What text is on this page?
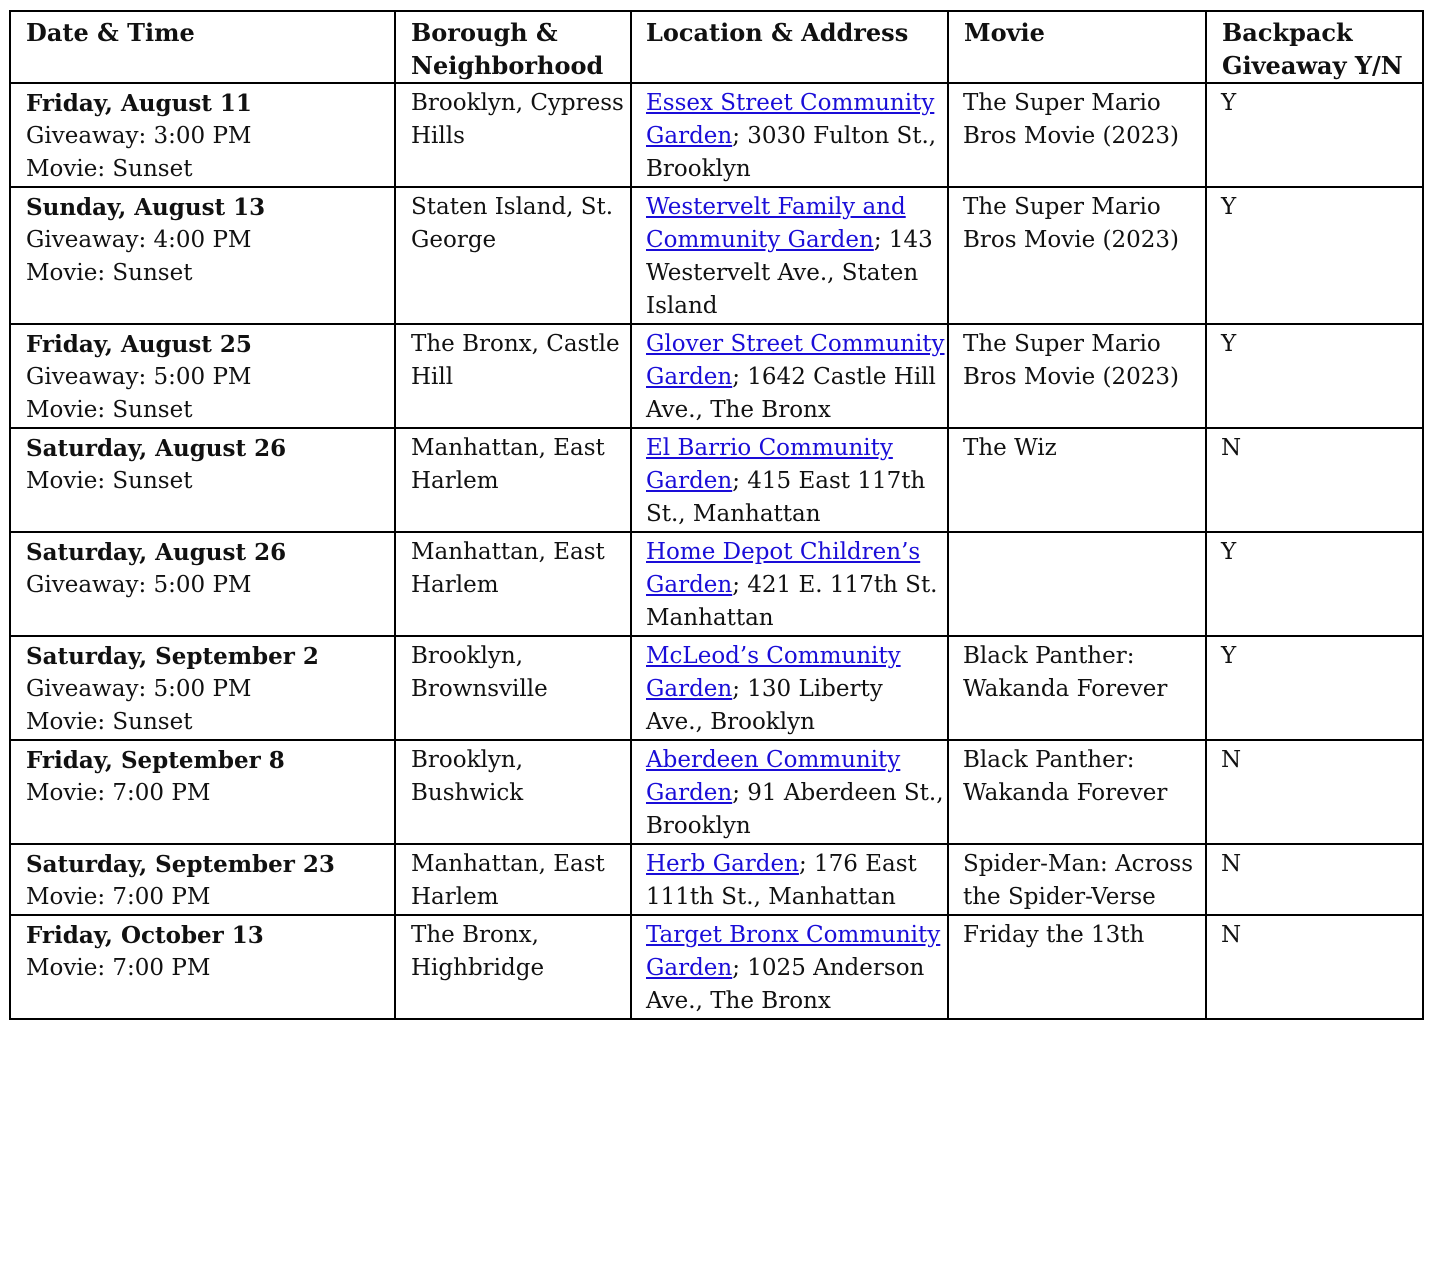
Date & Time	Borough & Neighborhood	Location & Address	Movie	Backpack Giveaway Y/N

Friday, August 11
Giveaway: 3:00 PM
Movie: Sunset	Brooklyn, Cypress Hills	Essex Street Community Garden; 3030 Fulton St., Brooklyn	The Super Mario Bros Movie (2023)	Y

Sunday, August 13
Giveaway: 4:00 PM
Movie: Sunset	Staten Island, St. George	Westervelt Family and Community Garden; 143 Westervelt Ave., Staten Island	The Super Mario Bros Movie (2023)	Y

Friday, August 25
Giveaway: 5:00 PM
Movie: Sunset	The Bronx, Castle Hill	Glover Street Community Garden; 1642 Castle Hill Ave., The Bronx	The Super Mario Bros Movie (2023)	Y

Saturday, August 26
Movie: Sunset	Manhattan, East Harlem	El Barrio Community Garden; 415 East 117th St., Manhattan	The Wiz	N

Saturday, August 26
Giveaway: 5:00 PM	Manhattan, East Harlem	Home Depot Children’s Garden; 421 E. 117th St. Manhattan		Y

Saturday, September 2
Giveaway: 5:00 PM
Movie: Sunset	Brooklyn, Brownsville	McLeod’s Community Garden; 130 Liberty Ave., Brooklyn	Black Panther: Wakanda Forever	Y

Friday, September 8
Movie: 7:00 PM	Brooklyn, Bushwick	Aberdeen Community Garden; 91 Aberdeen St., Brooklyn	Black Panther: Wakanda Forever	N

Saturday, September 23
Movie: 7:00 PM	Manhattan, East Harlem	Herb Garden; 176 East 111th St., Manhattan	Spider-Man: Across the Spider-Verse	N

Friday, October 13
Movie: 7:00 PM	The Bronx, Highbridge	Target Bronx Community Garden; 1025 Anderson Ave., The Bronx	Friday the 13th	N
